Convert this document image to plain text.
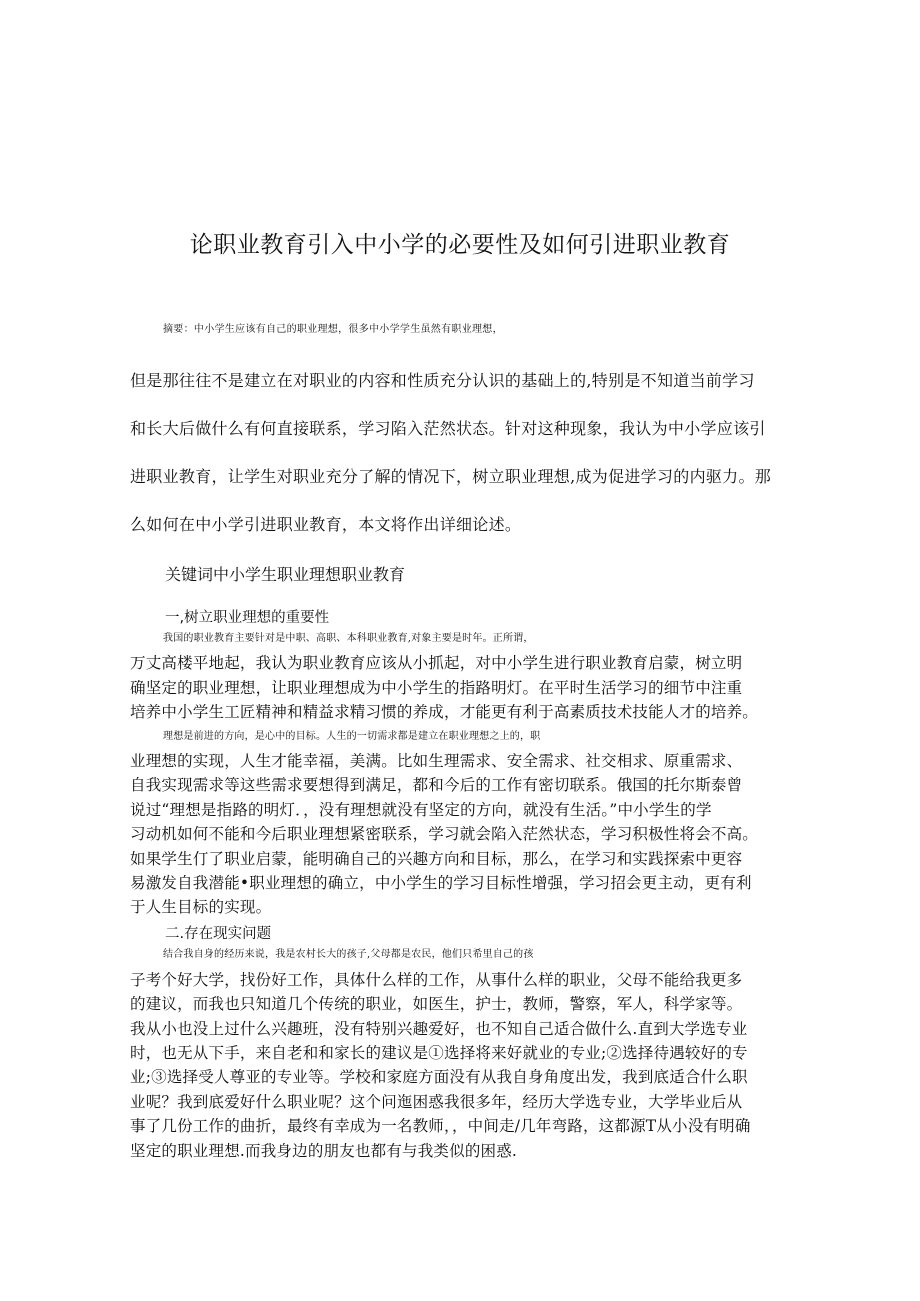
论职业教育引入中小学的必要性及如何引进职业教育
摘要：中小学生应该有自己的职业理想，很多中小学学生虽然有职业理想，
但是那往往不是建立在对职业的内容和性质充分认识的基础上的,特别是不知道当前学习
和长大后做什么有何直接联系，学习陷入茫然状态。针对这种现象，我认为中小学应该引
进职业教育，让学生对职业充分了解的情况下，树立职业理想,成为促进学习的内驱力。那
么如何在中小学引进职业教育，本文将作出详细论述。
关键词中小学生职业理想职业教育
一,树立职业理想的重要性
我国的职业教育主要针对是中职、高职、本科职业教育,对象主要是时年。正所谓，
万丈高楼平地起，我认为职业教育应该从小抓起，对中小学生进行职业教育启蒙，树立明
确坚定的职业理想，让职业理想成为中小学生的指路明灯。在平时生活学习的细节中注重
培养中小学生工匠精神和精益求精习惯的养成，才能更有利于高素质技术技能人才的培养。
理想是前进的方向，是心中的目标。人生的一切需求都是建立在职业理想之上的，职
业理想的实现，人生才能幸福，美满。比如生理需求、安全需求、社交相求、原重需求、
自我实现需求等这些需求要想得到满足，都和今后的工作有密切联系。俄国的托尔斯泰曾
说过“理想是指路的明灯．，没有理想就没有坚定的方向，就没有生活。”中小学生的学
习动机如何不能和今后职业理想紧密联系，学习就会陷入茫然状态，学习积极性将会不高。
如果学生仃了职业启蒙，能明确自己的兴趣方向和目标，那么，在学习和实践探索中更容
易激发自我潜能•职业理想的确立，中小学生的学习目标性增强，学习招会更主动，更有利
于人生目标的实现。
二.存在现实问题
结合我自身的经历来说，我是农村长大的孩子,父母都是农民，他们只希里自己的孩
子考个好大学，找份好工作，具体什么样的工作，从事什么样的职业，父母不能给我更多
的建议，而我也只知道几个传统的职业，如医生，护士，教师，警察，军人，科学家等。
我从小也没上过什么兴趣班，没有特别兴趣爱好，也不知自己适合做什么.直到大学选专业
时，也无从下手，来自老和和家长的建议是①选择将来好就业的专业;②选择待遇较好的专
业;③选择受人尊亚的专业等。学校和家庭方面没有从我自身角度出发，我到底适合什么职
业呢？我到底爱好什么职业呢？这个问迤困惑我很多年，经历大学选专业，大学毕业后从
事了几份工作的曲折，最终有幸成为一名教师，，中间走/几年弯路，这都源T从小没有明确
坚定的职业理想.而我身边的朋友也都有与我类似的困惑.
